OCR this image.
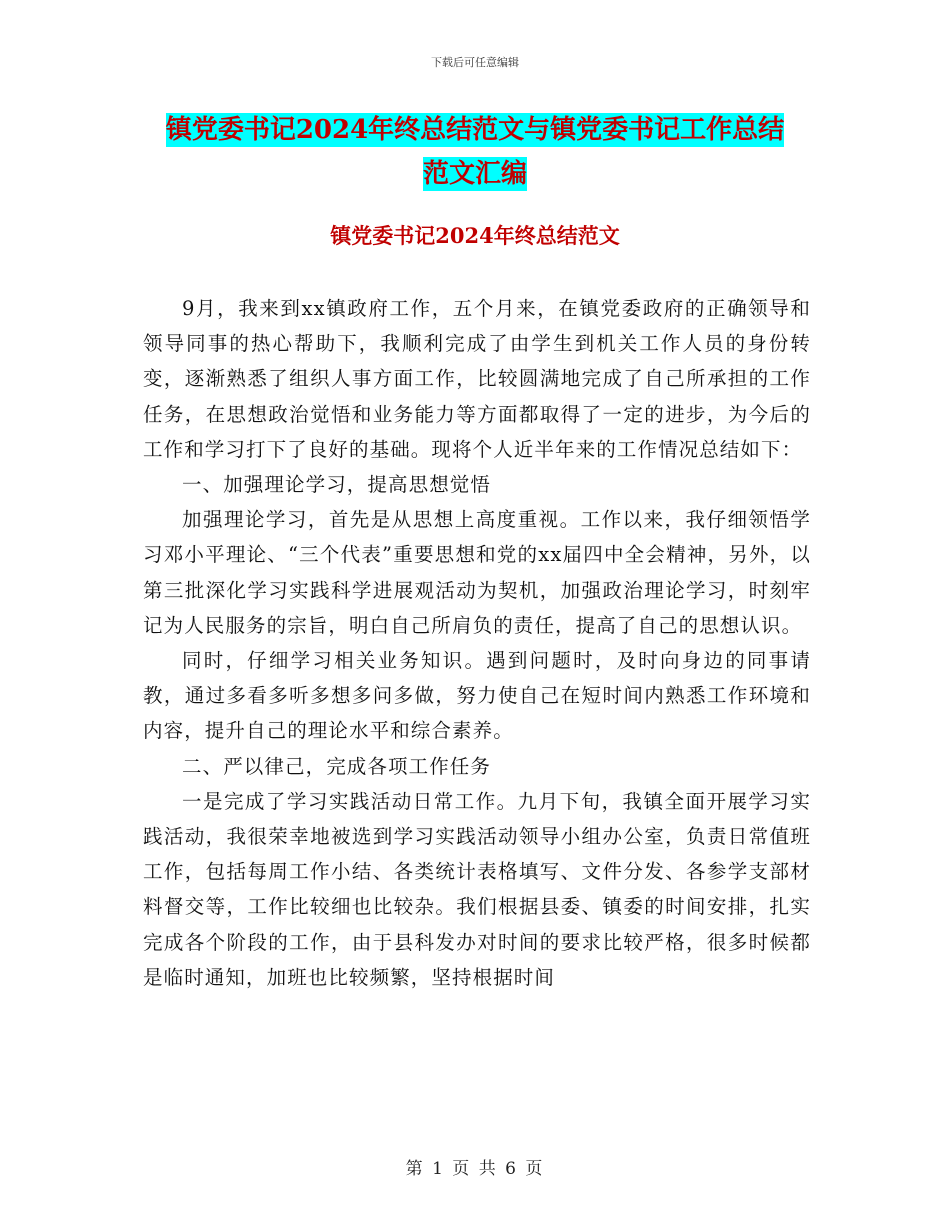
下载后可任意编辑
镇党委书记2024年终总结范文与镇党委书记工作总结
范文汇编
镇党委书记2024年终总结范文

9月，我来到xx镇政府工作，五个月来，在镇党委政府的正确领导和领导同事的热心帮助下，我顺利完成了由学生到机关工作人员的身份转变，逐渐熟悉了组织人事方面工作，比较圆满地完成了自己所承担的工作任务，在思想政治觉悟和业务能力等方面都取得了一定的进步，为今后的工作和学习打下了良好的基础。现将个人近半年来的工作情况总结如下：

一、加强理论学习，提高思想觉悟

加强理论学习，首先是从思想上高度重视。工作以来，我仔细领悟学习邓小平理论、“三个代表”重要思想和党的xx届四中全会精神，另外，以第三批深化学习实践科学进展观活动为契机，加强政治理论学习，时刻牢记为人民服务的宗旨，明白自己所肩负的责任，提高了自己的思想认识。

同时，仔细学习相关业务知识。遇到问题时，及时向身边的同事请教，通过多看多听多想多问多做，努力使自己在短时间内熟悉工作环境和内容，提升自己的理论水平和综合素养。

二、严以律己，完成各项工作任务

一是完成了学习实践活动日常工作。九月下旬，我镇全面开展学习实践活动，我很荣幸地被选到学习实践活动领导小组办公室，负责日常值班工作，包括每周工作小结、各类统计表格填写、文件分发、各参学支部材料督交等，工作比较细也比较杂。我们根据县委、镇委的时间安排，扎实完成各个阶段的工作，由于县科发办对时间的要求比较严格，很多时候都是临时通知，加班也比较频繁，坚持根据时间

第 1 页 共 6 页
